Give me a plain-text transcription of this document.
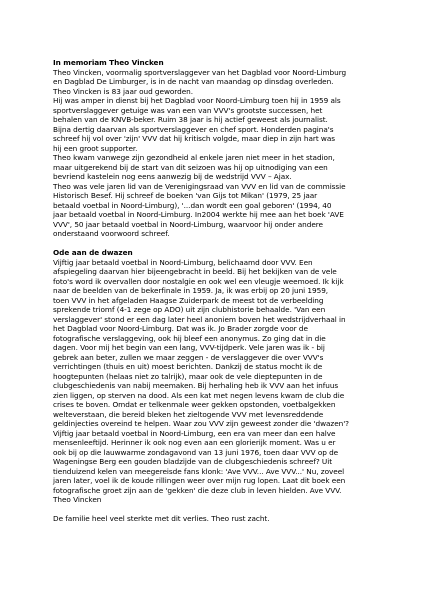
In memoriam Theo Vincken
Theo Vincken, voormalig sportverslaggever van het Dagblad voor Noord-Limburg
en Dagblad De Limburger, is in de nacht van maandag op dinsdag overleden.
Theo Vincken is 83 jaar oud geworden.
Hij was amper in dienst bij het Dagblad voor Noord-Limburg toen hij in 1959 als
sportverslaggever getuige was van een van VVV's grootste successen, het
behalen van de KNVB-beker. Ruim 38 jaar is hij actief geweest als journalist.
Bijna dertig daarvan als sportverslaggever en chef sport. Honderden pagina's
schreef hij vol over 'zijn' VVV dat hij kritisch volgde, maar diep in zijn hart was
hij een groot supporter.
Theo kwam vanwege zijn gezondheid al enkele jaren niet meer in het stadion,
maar uitgerekend bij de start van dit seizoen was hij op uitnodiging van een
bevriend kastelein nog eens aanwezig bij de wedstrijd VVV – Ajax.
Theo was vele jaren lid van de Verenigingsraad van VVV en lid van de commissie
Historisch Besef. Hij schreef de boeken 'van Gijs tot Mikan' (1979, 25 jaar
betaald voetbal in Noord-Limburg), '...dan wordt een goal geboren' (1994, 40
jaar betaald voetbal in Noord-Limburg. In2004 werkte hij mee aan het boek 'AVE
VVV', 50 jaar betaald voetbal in Noord-Limburg, waarvoor hij onder andere
onderstaand voorwoord schreef.
Ode aan de dwazen
Vijftig jaar betaald voetbal in Noord-Limburg, belichaamd door VVV. Een
afspiegeling daarvan hier bijeengebracht in beeld. Bij het bekijken van de vele
foto's word ik overvallen door nostalgie en ook wel een vleugje weemoed. Ik kijk
naar de beelden van de bekerfinale in 1959. Ja, ik was erbij op 20 juni 1959,
toen VVV in het afgeladen Haagse Zuiderpark de meest tot de verbeelding
sprekende triomf (4-1 zege op ADO) uit zijn clubhistorie behaalde. 'Van een
verslaggever' stond er een dag later heel anoniem boven het wedstrijdverhaal in
het Dagblad voor Noord-Limburg. Dat was ik. Jo Brader zorgde voor de
fotografische verslaggeving, ook hij bleef een anonymus. Zo ging dat in die
dagen. Voor mij het begin van een lang, VVV-tijdperk. Vele jaren was ik - bij
gebrek aan beter, zullen we maar zeggen - de verslaggever die over VVV's
verrichtingen (thuis en uit) moest berichten. Dankzij de status mocht ik de
hoogtepunten (helaas niet zo talrijk), maar ook de vele dieptepunten in de
clubgeschiedenis van nabij meemaken. Bij herhaling heb ik VVV aan het infuus
zien liggen, op sterven na dood. Als een kat met negen levens kwam de club die
crises te boven. Omdat er telkenmale weer gekken opstonden, voetbalgekken
welteverstaan, die bereid bleken het zieltogende VVV met levensreddende
geldinjecties overeind te helpen. Waar zou VVV zijn geweest zonder die 'dwazen'?
Vijftig jaar betaald voetbal in Noord-Limburg, een era van meer dan een halve
mensenleeftijd. Herinner ik ook nog even aan een glorierijk moment. Was u er
ook bij op die lauwwarme zondagavond van 13 juni 1976, toen daar VVV op de
Wageningse Berg een gouden bladzijde van de clubgeschiedenis schreef? Uit
tienduizend kelen van meegereisde fans klonk: 'Ave VVV... Ave VVV...' Nu, zoveel
jaren later, voel ik de koude rillingen weer over mijn rug lopen. Laat dit boek een
fotografische groet zijn aan de 'gekken' die deze club in leven hielden. Ave VVV.
Theo Vincken
De familie heel veel sterkte met dit verlies. Theo rust zacht.
